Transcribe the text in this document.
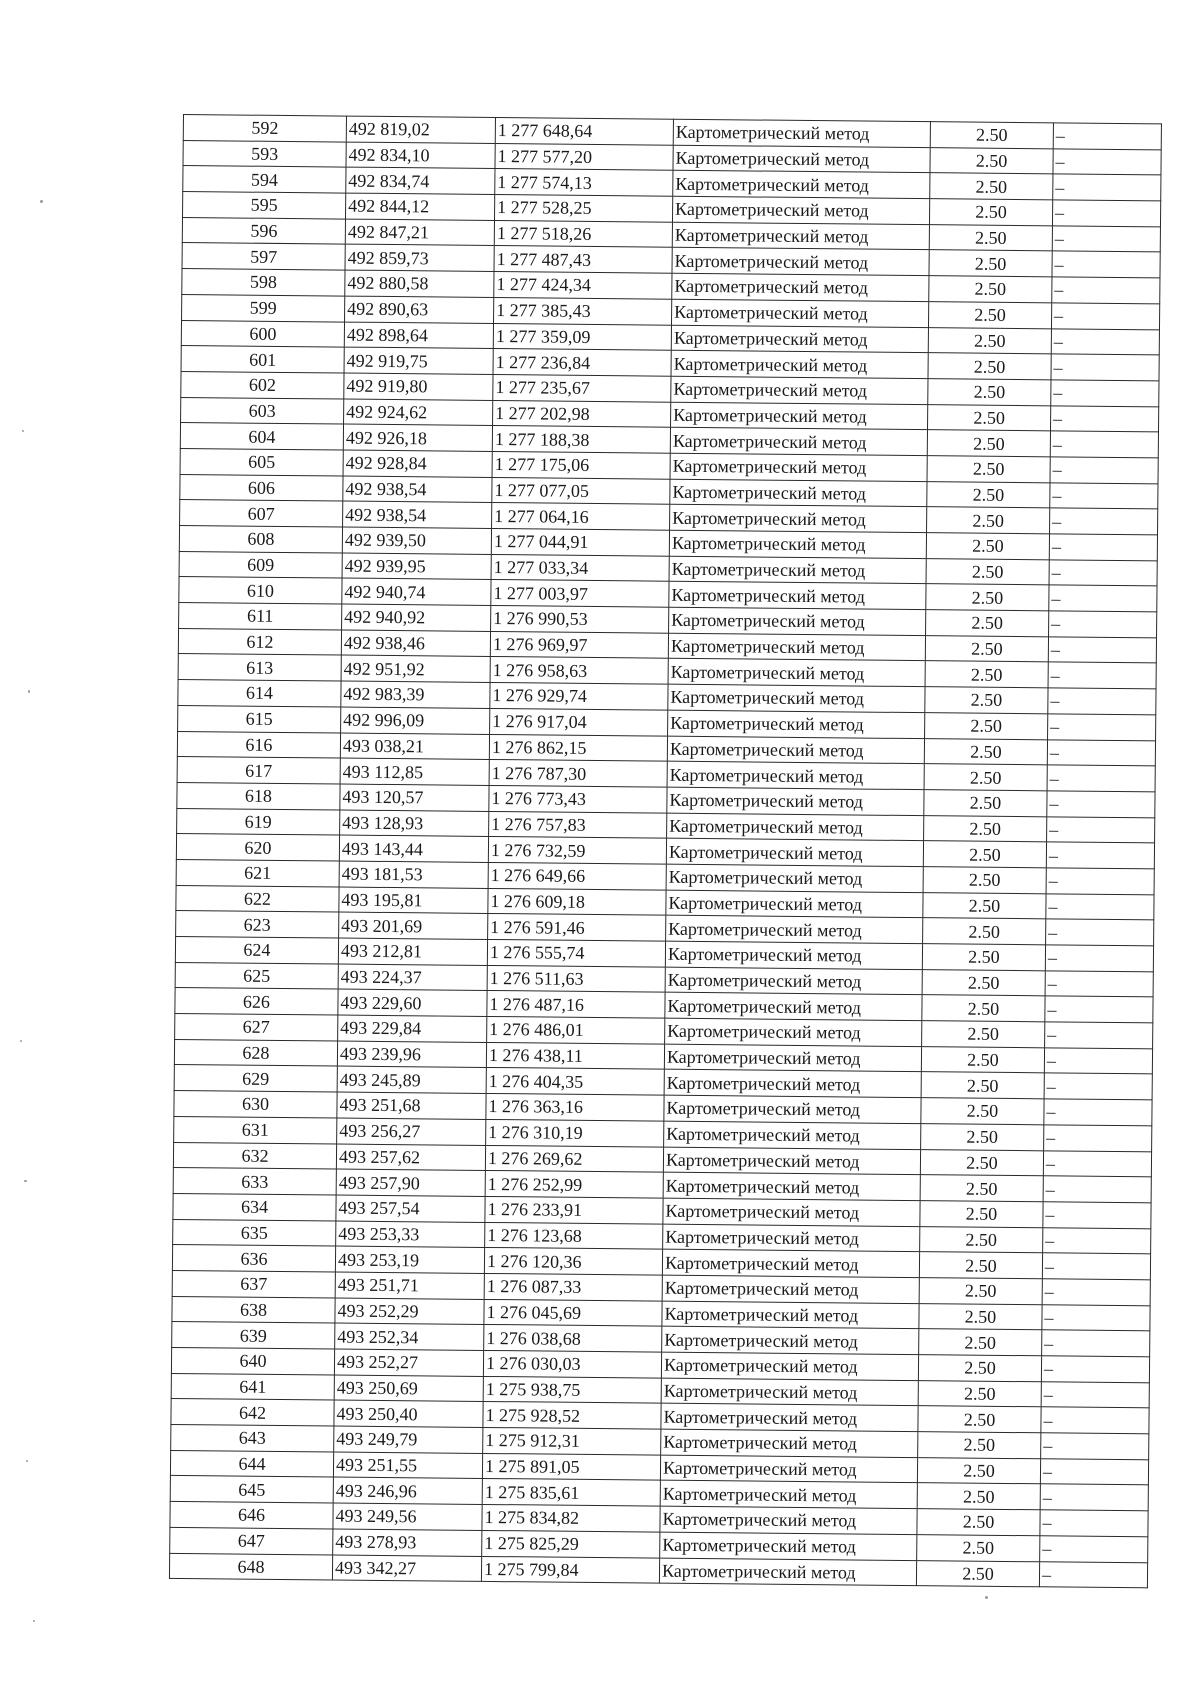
592	492 819,02	1 277 648,64	Картометрический метод	2.50	–
593	492 834,10	1 277 577,20	Картометрический метод	2.50	–
594	492 834,74	1 277 574,13	Картометрический метод	2.50	–
595	492 844,12	1 277 528,25	Картометрический метод	2.50	–
596	492 847,21	1 277 518,26	Картометрический метод	2.50	–
597	492 859,73	1 277 487,43	Картометрический метод	2.50	–
598	492 880,58	1 277 424,34	Картометрический метод	2.50	–
599	492 890,63	1 277 385,43	Картометрический метод	2.50	–
600	492 898,64	1 277 359,09	Картометрический метод	2.50	–
601	492 919,75	1 277 236,84	Картометрический метод	2.50	–
602	492 919,80	1 277 235,67	Картометрический метод	2.50	–
603	492 924,62	1 277 202,98	Картометрический метод	2.50	–
604	492 926,18	1 277 188,38	Картометрический метод	2.50	–
605	492 928,84	1 277 175,06	Картометрический метод	2.50	–
606	492 938,54	1 277 077,05	Картометрический метод	2.50	–
607	492 938,54	1 277 064,16	Картометрический метод	2.50	–
608	492 939,50	1 277 044,91	Картометрический метод	2.50	–
609	492 939,95	1 277 033,34	Картометрический метод	2.50	–
610	492 940,74	1 277 003,97	Картометрический метод	2.50	–
611	492 940,92	1 276 990,53	Картометрический метод	2.50	–
612	492 938,46	1 276 969,97	Картометрический метод	2.50	–
613	492 951,92	1 276 958,63	Картометрический метод	2.50	–
614	492 983,39	1 276 929,74	Картометрический метод	2.50	–
615	492 996,09	1 276 917,04	Картометрический метод	2.50	–
616	493 038,21	1 276 862,15	Картометрический метод	2.50	–
617	493 112,85	1 276 787,30	Картометрический метод	2.50	–
618	493 120,57	1 276 773,43	Картометрический метод	2.50	–
619	493 128,93	1 276 757,83	Картометрический метод	2.50	–
620	493 143,44	1 276 732,59	Картометрический метод	2.50	–
621	493 181,53	1 276 649,66	Картометрический метод	2.50	–
622	493 195,81	1 276 609,18	Картометрический метод	2.50	–
623	493 201,69	1 276 591,46	Картометрический метод	2.50	–
624	493 212,81	1 276 555,74	Картометрический метод	2.50	–
625	493 224,37	1 276 511,63	Картометрический метод	2.50	–
626	493 229,60	1 276 487,16	Картометрический метод	2.50	–
627	493 229,84	1 276 486,01	Картометрический метод	2.50	–
628	493 239,96	1 276 438,11	Картометрический метод	2.50	–
629	493 245,89	1 276 404,35	Картометрический метод	2.50	–
630	493 251,68	1 276 363,16	Картометрический метод	2.50	–
631	493 256,27	1 276 310,19	Картометрический метод	2.50	–
632	493 257,62	1 276 269,62	Картометрический метод	2.50	–
633	493 257,90	1 276 252,99	Картометрический метод	2.50	–
634	493 257,54	1 276 233,91	Картометрический метод	2.50	–
635	493 253,33	1 276 123,68	Картометрический метод	2.50	–
636	493 253,19	1 276 120,36	Картометрический метод	2.50	–
637	493 251,71	1 276 087,33	Картометрический метод	2.50	–
638	493 252,29	1 276 045,69	Картометрический метод	2.50	–
639	493 252,34	1 276 038,68	Картометрический метод	2.50	–
640	493 252,27	1 276 030,03	Картометрический метод	2.50	–
641	493 250,69	1 275 938,75	Картометрический метод	2.50	–
642	493 250,40	1 275 928,52	Картометрический метод	2.50	–
643	493 249,79	1 275 912,31	Картометрический метод	2.50	–
644	493 251,55	1 275 891,05	Картометрический метод	2.50	–
645	493 246,96	1 275 835,61	Картометрический метод	2.50	–
646	493 249,56	1 275 834,82	Картометрический метод	2.50	–
647	493 278,93	1 275 825,29	Картометрический метод	2.50	–
648	493 342,27	1 275 799,84	Картометрический метод	2.50	–
